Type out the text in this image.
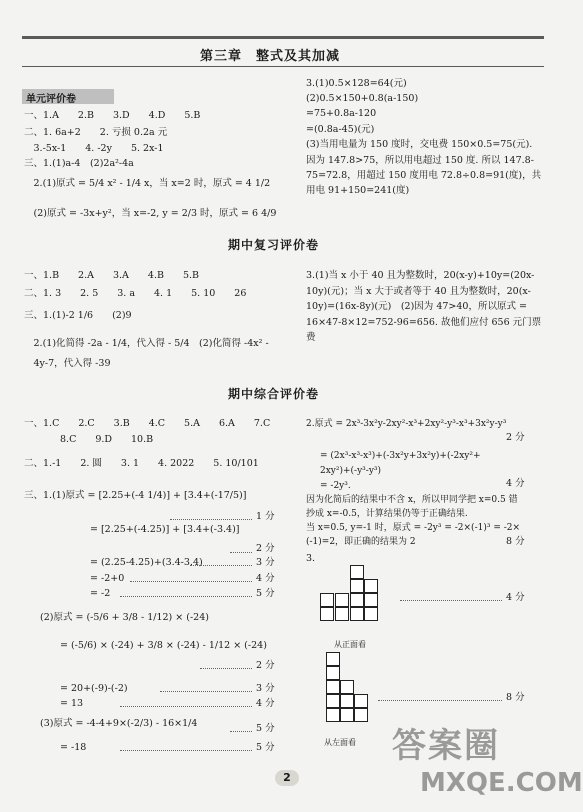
第三章　整式及其加减
单元评价卷
一、1.A　　2.B　　3.D　　4.D　　5.B
二、1. 6a+2　　2. 亏损 0.2a 元
　3.-5x-1　　4. -2y　　5. 2x-1
三、1.(1)a-4　(2)2a²-4a
　2.(1)原式 = 5/4 x² - 1/4 x，当 x=2 时，原式 = 4 1/2
　(2)原式 = -3x+y²，当 x=-2, y = 2/3 时，原式 = 6 4/9
3.(1)0.5×128=64(元)
(2)0.5×150+0.8(a-150)
=75+0.8a-120
=(0.8a-45)(元)
(3)当用电量为 150 度时，交电费 150×0.5=75(元).
因为 147.8>75，所以用电超过 150 度. 所以 147.8-
75=72.8，用超过 150 度用电 72.8÷0.8=91(度)，共
用电 91+150=241(度)
期中复习评价卷
一、1.B　　2.A　　3.A　　4.B　　5.B
二、1. 3　　2. 5　　3. a　　4. 1　　5. 10　　26
三、1.(1)-2 1/6　　(2)9
　2.(1)化简得 -2a - 1/4，代入得 - 5/4　(2)化简得 -4x² -
　4y-7，代入得 -39
3.(1)当 x 小于 40 且为整数时，20(x-y)+10y=(20x-
10y)(元)；当 x 大于或者等于 40 且为整数时，20(x-
10y)=(16x-8y)(元)　(2)因为 47>40，所以原式 =
16×47-8×12=752-96=656. 故他们应付 656 元门票
费
期中综合评价卷
一、1.C　　2.C　　3.B　　4.C　　5.A　　6.A　　7.C
8.C　　9.D　　10.B
二、1.-1　　2. 圆　　3. 1　　4. 2022　　5. 10/101
三、1.(1)原式 = [2.25+(-4 1/4)] + [3.4+(-17/5)]
= [2.25+(-4.25)] + [3.4+(-3.4)]
= (2.25-4.25)+(3.4-3.4)
= -2+0
= -2
(2)原式 = (-5/6 + 3/8 - 1/12) × (-24)
= (-5/6) × (-24) + 3/8 × (-24) - 1/12 × (-24)
= 20+(-9)-(-2)
= 13
(3)原式 = -4-4+9×(-2/3) - 16×1/4
= -18
1 分
2 分
3 分
4 分
5 分
2 分
3 分
4 分
5 分
5 分
2.原式 = 2x³-3x²y-2xy²-x³+2xy²-y³-x³+3x²y-y³
2 分
= (2x³-x³-x³)+(-3x²y+3x²y)+(-2xy²+
2xy²)+(-y³-y³)
= -2y³.	4 分
因为化简后的结果中不含 x，所以甲同学把 x=0.5 错
抄成 x=-0.5，计算结果仍等于正确结果.
当 x=0.5, y=-1 时，原式 = -2y³ = -2×(-1)³ = -2×
(-1)=2，即正确的结果为 2	8 分
3.
从正面看
4 分
从左面看
8 分
2
答案圈
MXQE.COM
